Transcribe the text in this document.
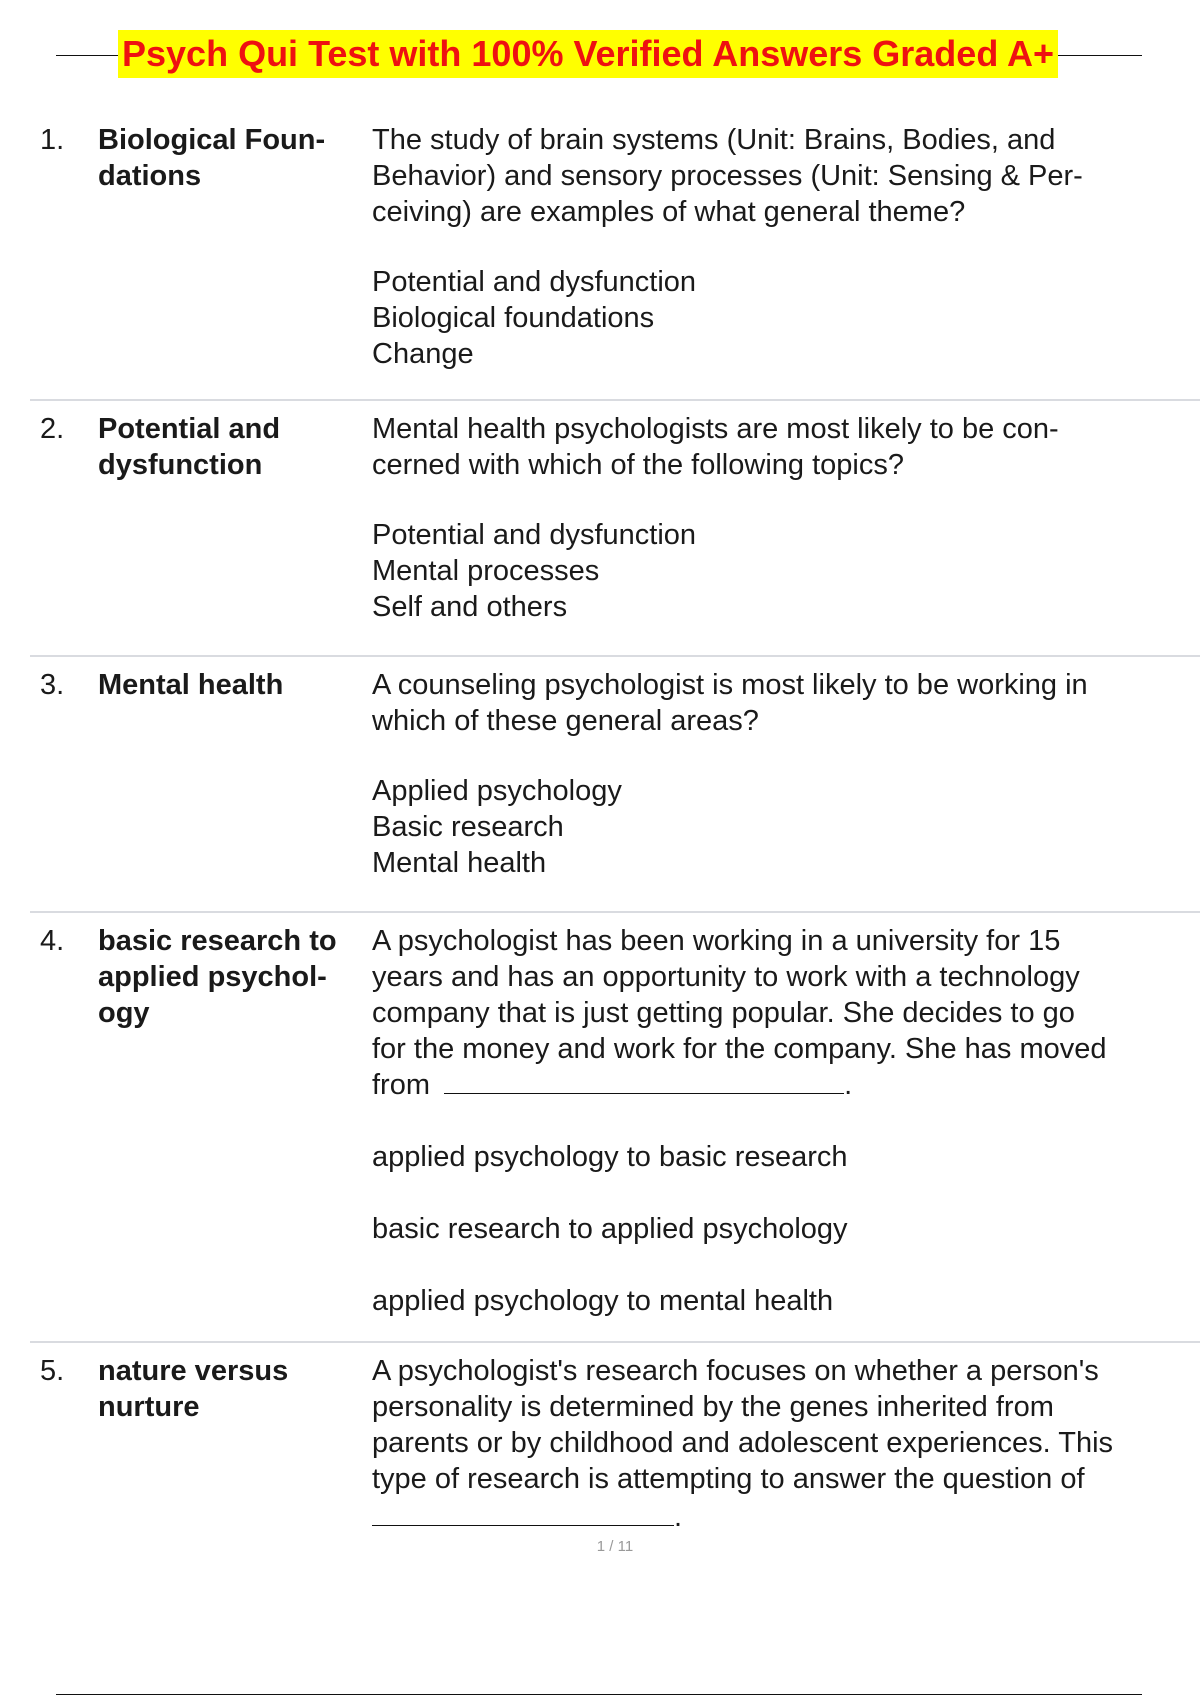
Psych Qui Test with 100% Verified Answers Graded A+
1. Biological Foun-
dations
The study of brain systems (Unit: Brains, Bodies, and
Behavior) and sensory processes (Unit: Sensing & Per-
ceiving) are examples of what general theme?
Potential and dysfunction
Biological foundations
Change
2. Potential and
dysfunction
Mental health psychologists are most likely to be con-
cerned with which of the following topics?
Potential and dysfunction
Mental processes
Self and others
3. Mental health	A counseling psychologist is most likely to be working in
which of these general areas?
Applied psychology
Basic research
Mental health
4. basic research to
applied psychol-
ogy
A psychologist has been working in a university for 15
years and has an opportunity to work with a technology
company that is just getting popular. She decides to go
for the money and work for the company. She has moved
from	.
applied psychology to basic research
basic research to applied psychology
applied psychology to mental health
5. nature versus
nurture
A psychologist's research focuses on whether a person's
personality is determined by the genes inherited from
parents or by childhood and adolescent experiences. This
type of research is attempting to answer the question of
.
1 / 11
